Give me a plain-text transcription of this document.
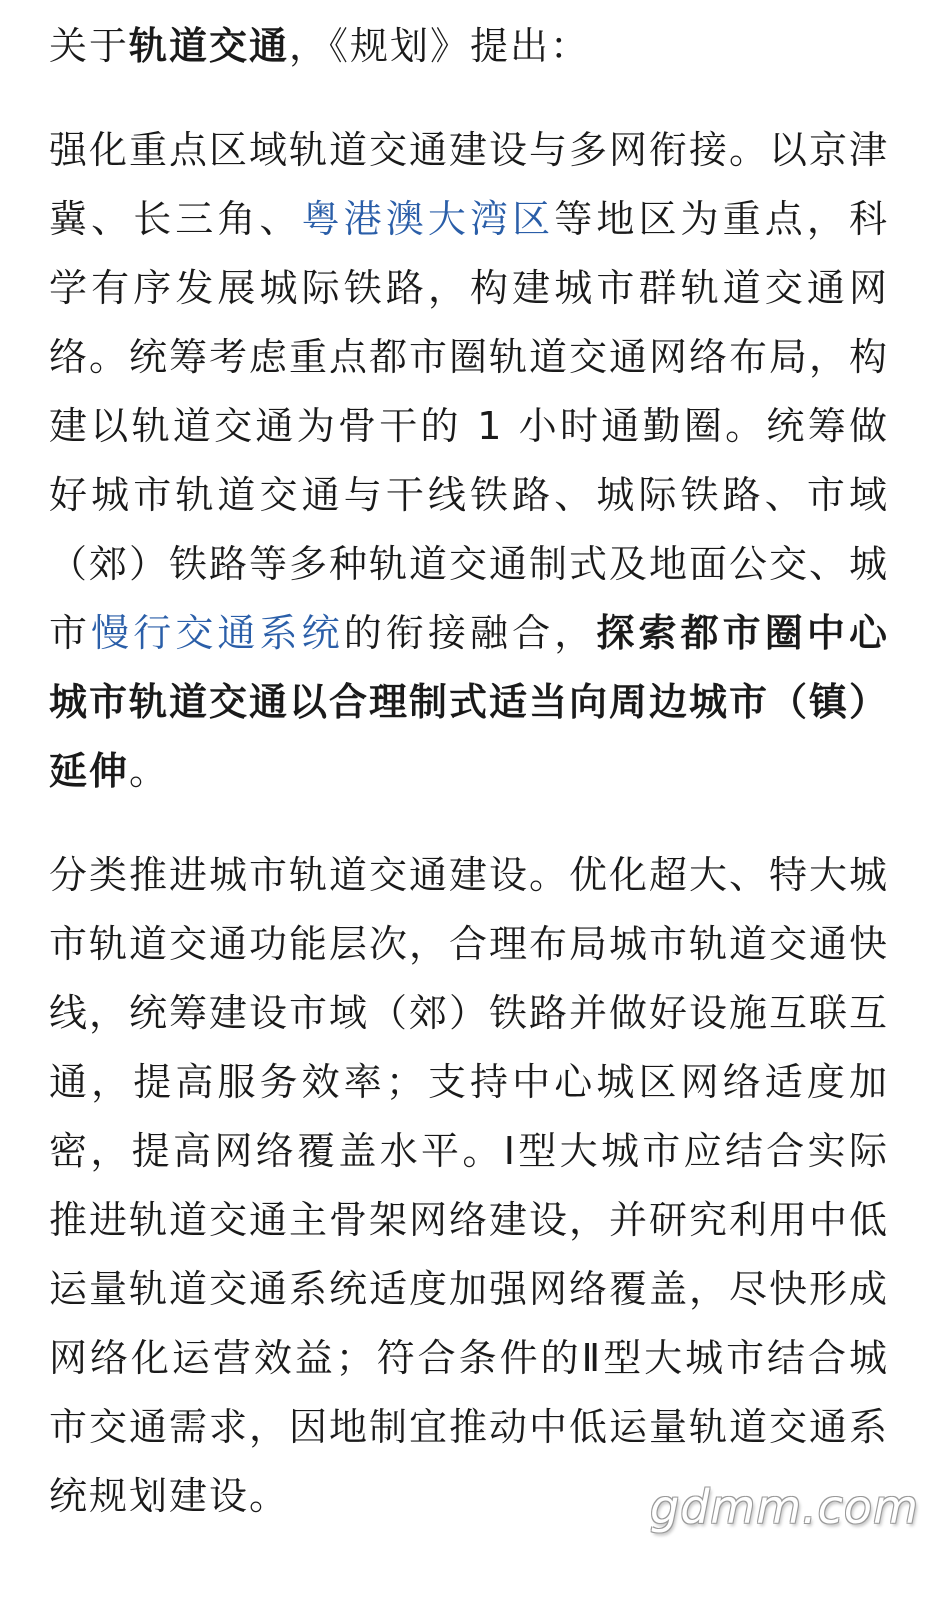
关于轨道交通，《规划》提出：

强化重点区域轨道交通建设与多网衔接。以京津冀、长三角、粤港澳大湾区等地区为重点，科学有序发展城际铁路，构建城市群轨道交通网络。统筹考虑重点都市圈轨道交通网络布局，构建以轨道交通为骨干的 1 小时通勤圈。统筹做好城市轨道交通与干线铁路、城际铁路、市域（郊）铁路等多种轨道交通制式及地面公交、城市慢行交通系统的衔接融合，探索都市圈中心城市轨道交通以合理制式适当向周边城市（镇）延伸。

分类推进城市轨道交通建设。优化超大、特大城市轨道交通功能层次，合理布局城市轨道交通快线，统筹建设市域（郊）铁路并做好设施互联互通，提高服务效率；支持中心城区网络适度加密，提高网络覆盖水平。Ⅰ型大城市应结合实际推进轨道交通主骨架网络建设，并研究利用中低运量轨道交通系统适度加强网络覆盖，尽快形成网络化运营效益；符合条件的Ⅱ型大城市结合城市交通需求，因地制宜推动中低运量轨道交通系统规划建设。	gdmm.com
